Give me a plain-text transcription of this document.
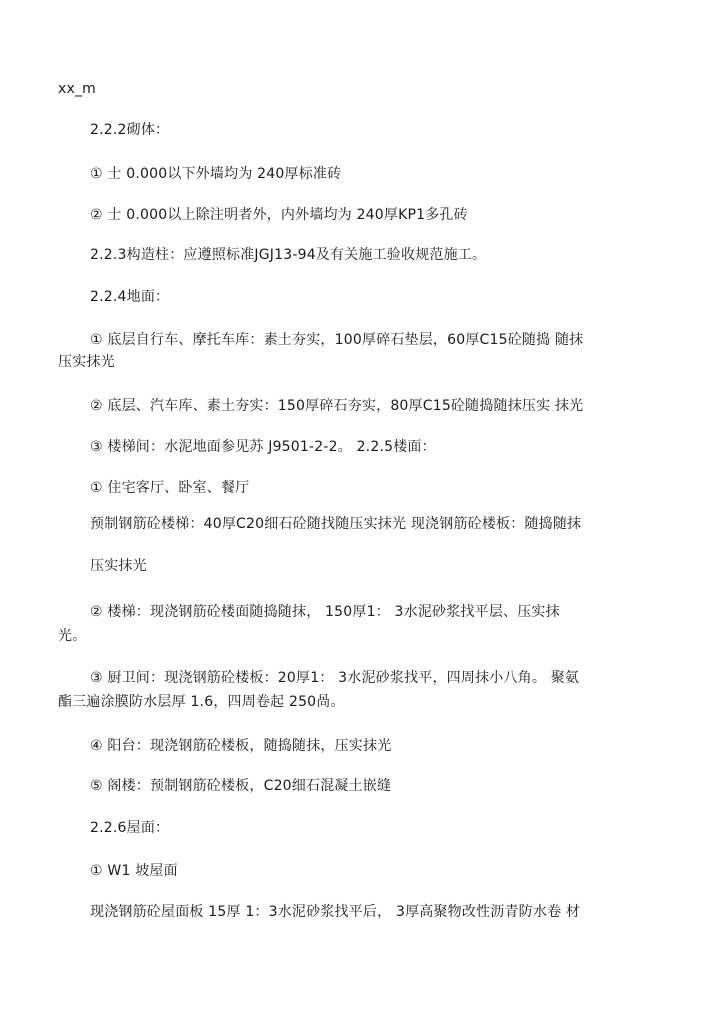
xx_m
2.2.2砌体：
① 士 0.000以下外墙均为 240厚标准砖
② 士 0.000以上除注明者外，内外墙均为 240厚KP1多孔砖
2.2.3构造柱：应遵照标准JGJ13-94及有关施工验收规范施工。
2.2.4地面：
① 底层自行车、摩托车库：素土夯实，100厚碎石垫层，60厚C15砼随捣 随抹
压实抹光
② 底层、汽车库、素土夯实：150厚碎石夯实，80厚C15砼随捣随抹压实 抹光
③ 楼梯间：水泥地面参见苏 J9501-2-2。 2.2.5楼面：
① 住宅客厅、卧室、餐厅
预制钢筋砼楼梯：40厚C20细石砼随找随压实抹光 现浇钢筋砼楼板：随捣随抹
压实抹光
② 楼梯：现浇钢筋砼楼面随捣随抹， 150厚1： 3水泥砂浆找平层、压实抹
光。
③ 厨卫间：现浇钢筋砼楼板：20厚1： 3水泥砂浆找平，四周抹小八角。 聚氨
酯三遍涂膜防水层厚 1.6，四周卷起 250咼。
④ 阳台：现浇钢筋砼楼板，随捣随抹，压实抹光
⑤ 阁楼：预制钢筋砼楼板，C20细石混凝土嵌缝
2.2.6屋面：
① W1 坡屋面
现浇钢筋砼屋面板 15厚 1：3水泥砂浆找平后， 3厚高聚物改性沥青防水卷 材
